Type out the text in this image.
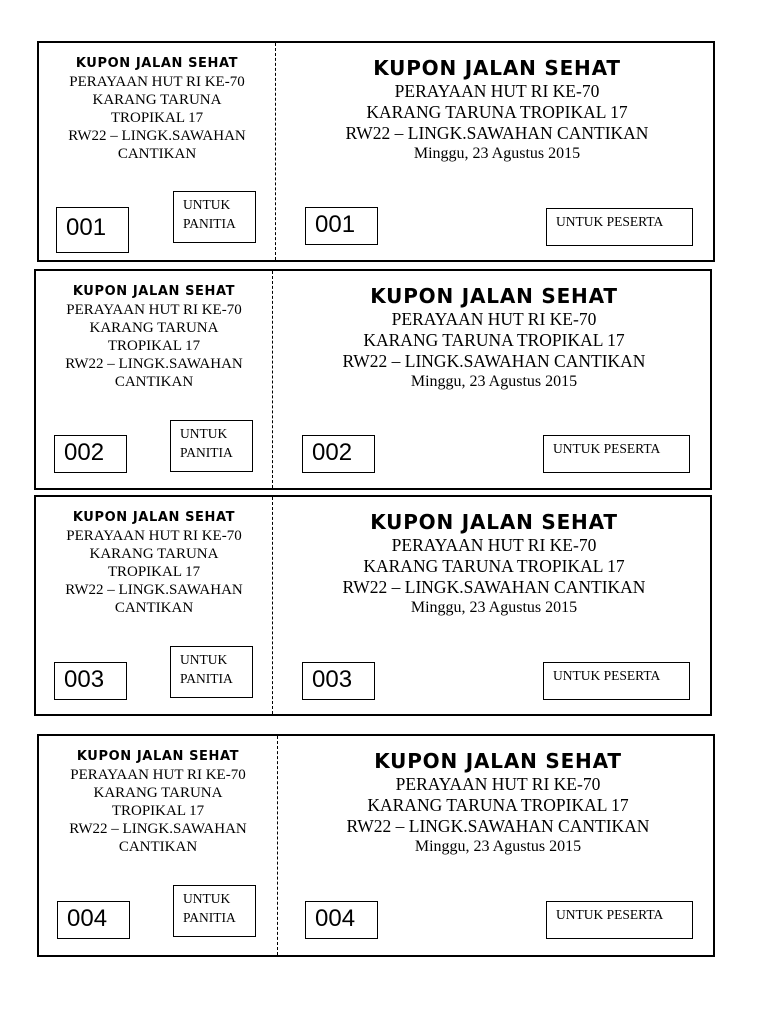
KUPON JALAN SEHAT
PERAYAAN HUT RI KE-70
KARANG TARUNA
TROPIKAL 17
RW22 – LINGK.SAWAHAN
CANTIKAN
001
UNTUK
PANITIA
KUPON JALAN SEHAT
PERAYAAN HUT RI KE-70
KARANG TARUNA TROPIKAL 17
RW22 – LINGK.SAWAHAN CANTIKAN
Minggu, 23 Agustus 2015
001	UNTUK PESERTA
KUPON JALAN SEHAT
PERAYAAN HUT RI KE-70
KARANG TARUNA
TROPIKAL 17
RW22 – LINGK.SAWAHAN
CANTIKAN
002
UNTUK
PANITIA
KUPON JALAN SEHAT
PERAYAAN HUT RI KE-70
KARANG TARUNA TROPIKAL 17
RW22 – LINGK.SAWAHAN CANTIKAN
Minggu, 23 Agustus 2015
002	UNTUK PESERTA
KUPON JALAN SEHAT
PERAYAAN HUT RI KE-70
KARANG TARUNA
TROPIKAL 17
RW22 – LINGK.SAWAHAN
CANTIKAN
003
UNTUK
PANITIA
KUPON JALAN SEHAT
PERAYAAN HUT RI KE-70
KARANG TARUNA TROPIKAL 17
RW22 – LINGK.SAWAHAN CANTIKAN
Minggu, 23 Agustus 2015
003	UNTUK PESERTA
KUPON JALAN SEHAT
PERAYAAN HUT RI KE-70
KARANG TARUNA
TROPIKAL 17
RW22 – LINGK.SAWAHAN
CANTIKAN
004
UNTUK
PANITIA
KUPON JALAN SEHAT
PERAYAAN HUT RI KE-70
KARANG TARUNA TROPIKAL 17
RW22 – LINGK.SAWAHAN CANTIKAN
Minggu, 23 Agustus 2015
004	UNTUK PESERTA
